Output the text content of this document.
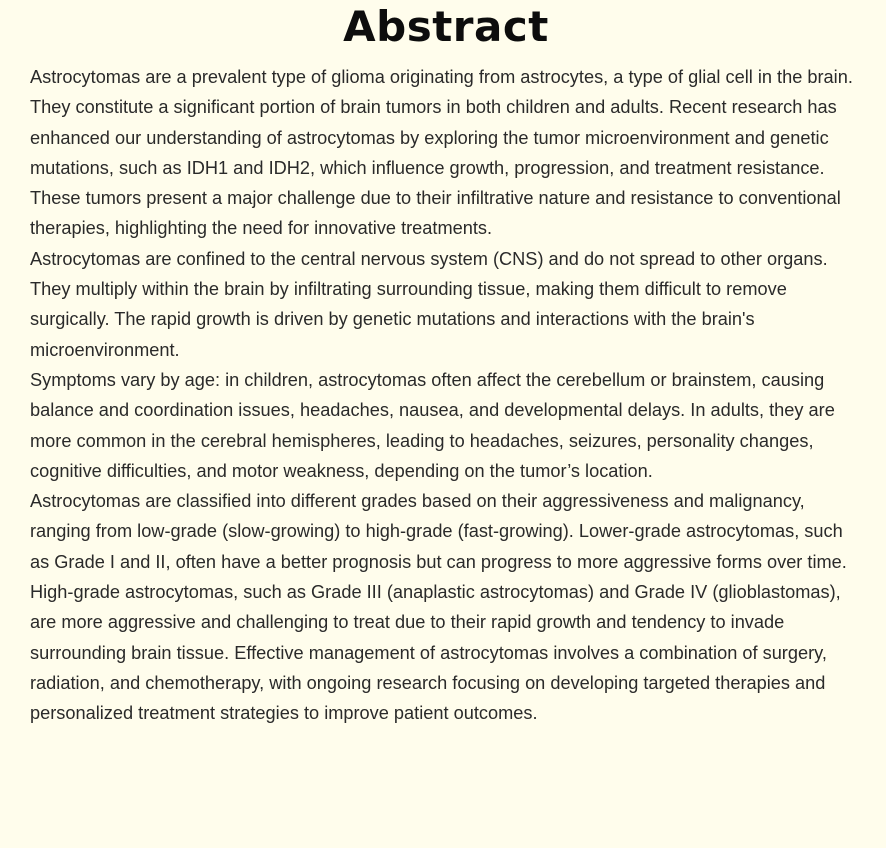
Abstract

Astrocytomas are a prevalent type of glioma originating from astrocytes, a type of glial cell in the brain. They constitute a significant portion of brain tumors in both children and adults. Recent research has enhanced our understanding of astrocytomas by exploring the tumor microenvironment and genetic mutations, such as IDH1 and IDH2, which influence growth, progression, and treatment resistance. These tumors present a major challenge due to their infiltrative nature and resistance to conventional therapies, highlighting the need for innovative treatments.

Astrocytomas are confined to the central nervous system (CNS) and do not spread to other organs. They multiply within the brain by infiltrating surrounding tissue, making them difficult to remove surgically. The rapid growth is driven by genetic mutations and interactions with the brain's microenvironment.

Symptoms vary by age: in children, astrocytomas often affect the cerebellum or brainstem, causing balance and coordination issues, headaches, nausea, and developmental delays. In adults, they are more common in the cerebral hemispheres, leading to headaches, seizures, personality changes, cognitive difficulties, and motor weakness, depending on the tumor’s location.

Astrocytomas are classified into different grades based on their aggressiveness and malignancy, ranging from low-grade (slow-growing) to high-grade (fast-growing). Lower-grade astrocytomas, such as Grade I and II, often have a better prognosis but can progress to more aggressive forms over time. High-grade astrocytomas, such as Grade III (anaplastic astrocytomas) and Grade IV (glioblastomas), are more aggressive and challenging to treat due to their rapid growth and tendency to invade surrounding brain tissue. Effective management of astrocytomas involves a combination of surgery, radiation, and chemotherapy, with ongoing research focusing on developing targeted therapies and personalized treatment strategies to improve patient outcomes.
